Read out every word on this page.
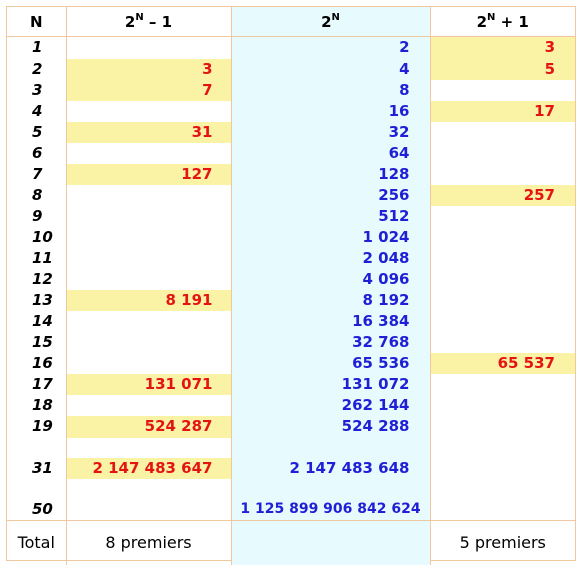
N	$2^N - 1$	$2^N$	$2^N + 1$
1		2	3
2	3	4	5
3	7	8	
4		16	17
5	31	32	
6		64	
7	127	128	
8		256	257
9		512	
10		1 024	
11		2 048	
12		4 096	
13	8 191	8 192	
14		16 384	
15		32 768	
16		65 536	65 537
17	131 071	131 072	
18		262 144	
19	524 287	524 288	

31	2 147 483 647	2 147 483 648	

50		1 125 899 906 842 624	
Total	8 premiers		5 premiers
